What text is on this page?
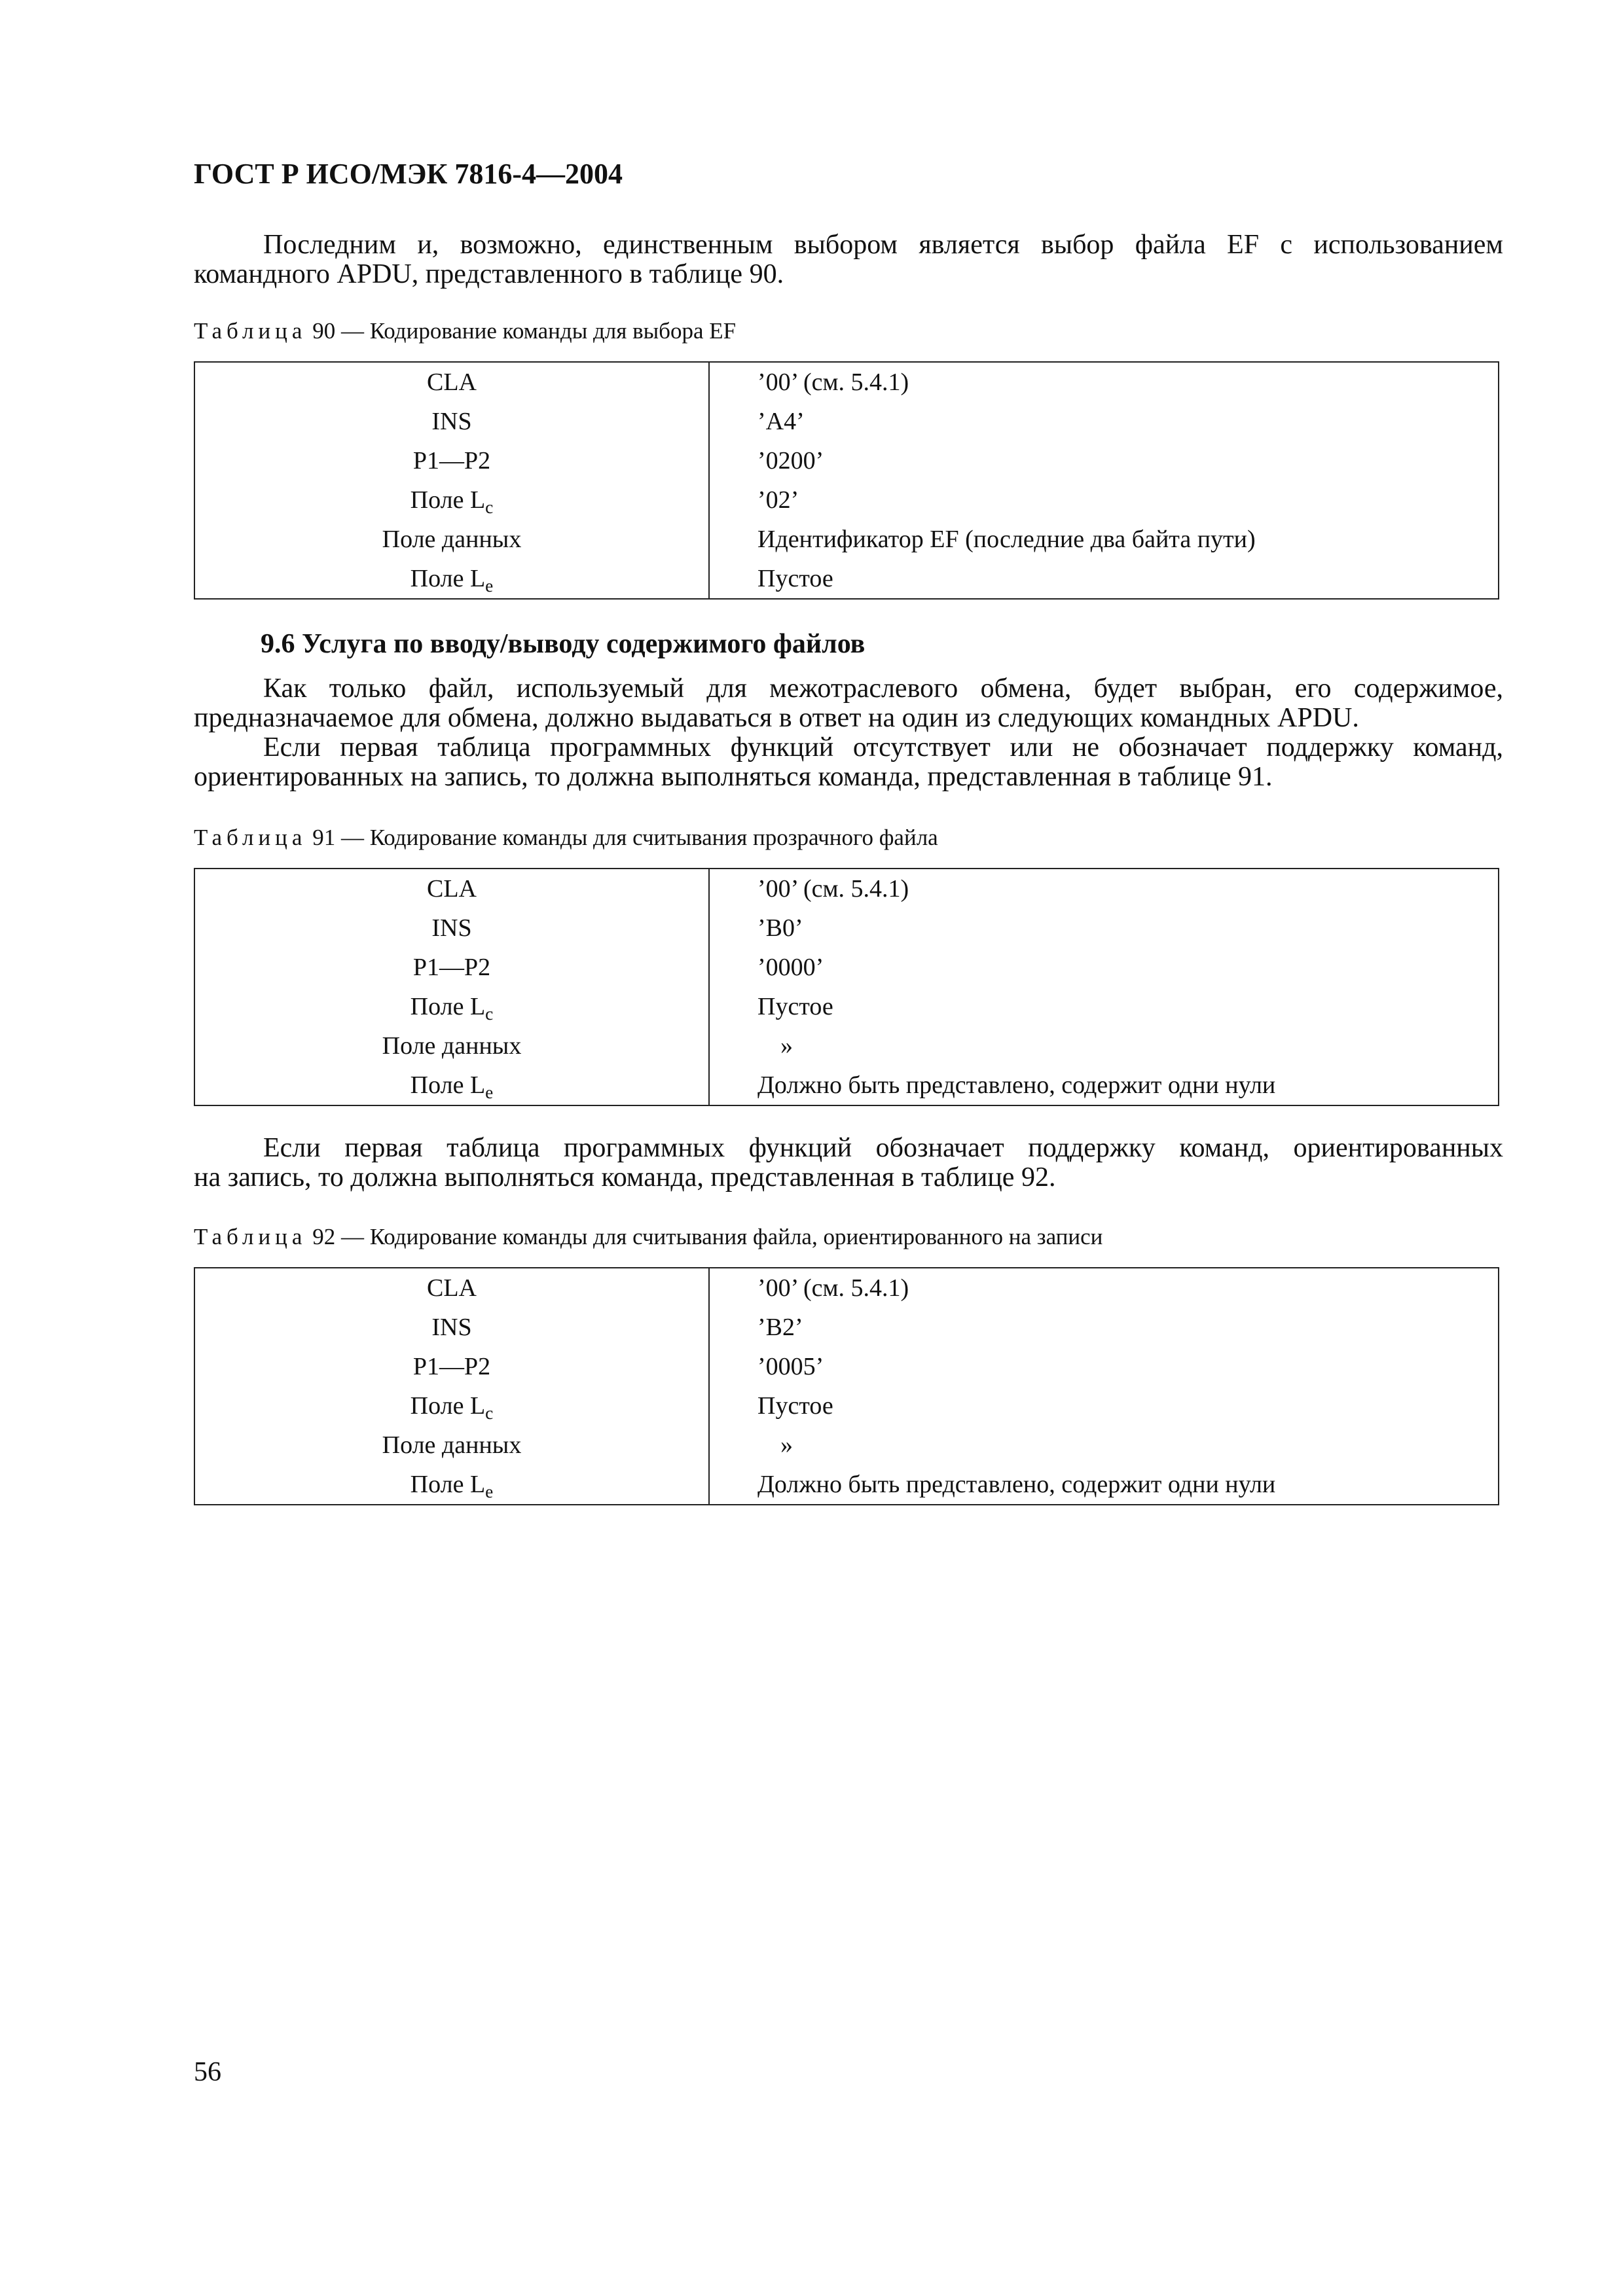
ГОСТ Р ИСО/МЭК 7816-4—2004
Последним и, возможно, единственным выбором является выбор файла EF с использованием
командного APDU, представленного в таблице 90.
Таблица 90 — Кодирование команды для выбора EF
CLA	’00’ (см. 5.4.1)
INS	’A4’
P1—P2	’0200’
Поле $L_c$	’02’
Поле данных	Идентификатор EF (последние два байта пути)
Поле $L_e$	Пустое
9.6 Услуга по вводу/выводу содержимого файлов
Как только файл, используемый для межотраслевого обмена, будет выбран, его содержимое,
предназначаемое для обмена, должно выдаваться в ответ на один из следующих командных APDU.
Если первая таблица программных функций отсутствует или не обозначает поддержку команд,
ориентированных на запись, то должна выполняться команда, представленная в таблице 91.
Таблица 91 — Кодирование команды для считывания прозрачного файла
CLA	’00’ (см. 5.4.1)
INS	’B0’
P1—P2	’0000’
Поле $L_c$	Пустое
Поле данных	»
Поле $L_e$	Должно быть представлено, содержит одни нули
Если первая таблица программных функций обозначает поддержку команд, ориентированных
на запись, то должна выполняться команда, представленная в таблице 92.
Таблица 92 — Кодирование команды для считывания файла, ориентированного на записи
CLA	’00’ (см. 5.4.1)
INS	’B2’
P1—P2	’0005’
Поле $L_c$	Пустое
Поле данных	»
Поле $L_e$	Должно быть представлено, содержит одни нули
56
